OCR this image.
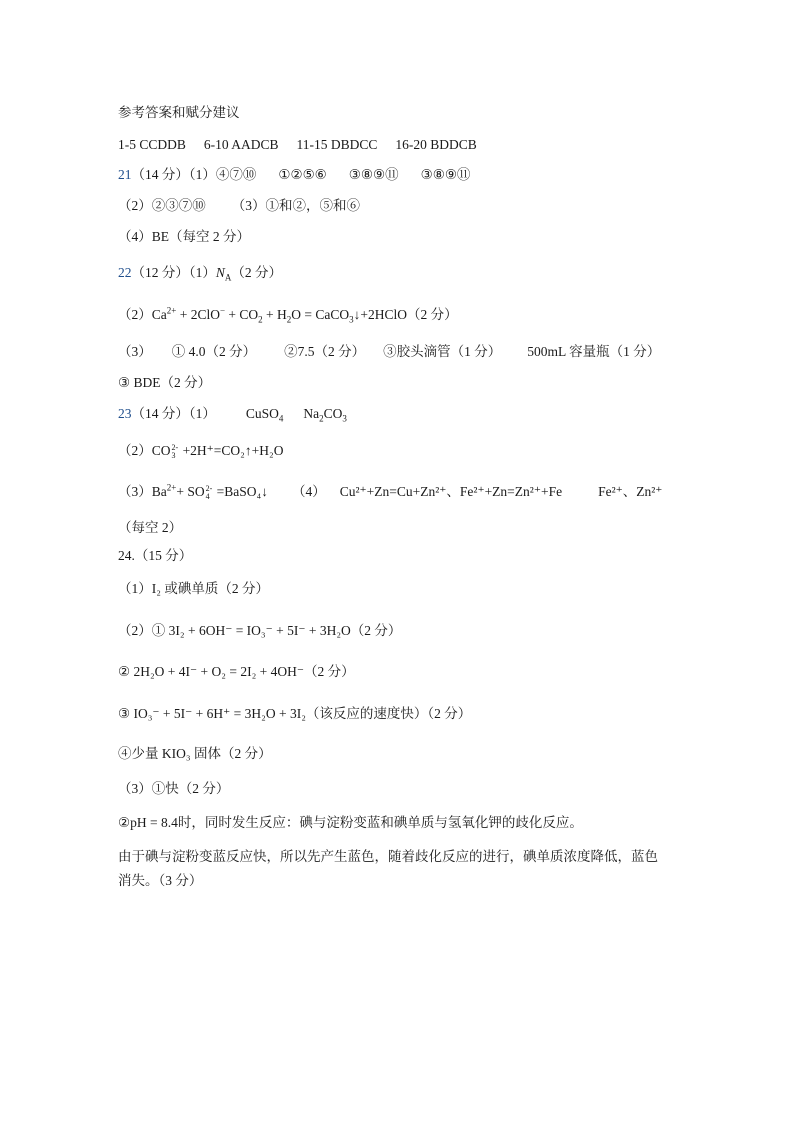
参考答案和赋分建议
1-5 CCDDB 6-10 AADCB 11-15 DBDCC 16-20 BDDCB
21（14 分）（1）④⑦⑩ ①②⑤⑥ ③⑧⑨⑪ ③⑧⑨⑪
（2）②③⑦⑩ （3）①和②，⑤和⑥
（4）BE（每空 2 分）
22（12 分）$(1)N_A(2$ 分）
$(2)Ca^{2+} + 2ClO^- + CO_2 + H_2O$ = CaCO$_3$↓+2HClO（2 分）
（3） ① 4.0（2 分） ②7.5（2 分） ③胶头滴管（1 分） 500mL 容量瓶（1 分）
③ BDE（2 分）
23（14 分）（1） CuSO$_4$ $Na_2CO_3$
（2）CO 2-
3 +2H⁺=CO₂↑+H₂O
$(3)Ba^{2+}+$ SO 2-
4 =BaSO₄↓ （4） Cu²⁺+Zn=Cu+Zn²⁺、Fe²⁺+Zn=Zn²⁺+Fe	Fe²⁺、Zn²⁺
（每空 2）
24.（15 分）
（1）I₂ 或碘单质（2 分）
（2）① 3I₂ + 6OH⁻ = IO₃⁻ + 5I⁻ + 3H₂O（2 分）
② 2H₂O + 4I⁻ + O₂ = 2I₂ + 4OH⁻（2 分）
③ IO₃⁻ + 5I⁻ + 6H⁺ = 3H₂O + 3I₂（该反应的速度快）（2 分）
④少量 KIO₃ 固体（2 分）
（3）①快（2 分）
②pH = 8.4时，同时发生反应：碘与淀粉变蓝和碘单质与氢氧化钾的歧化反应。
由于碘与淀粉变蓝反应快，所以先产生蓝色，随着歧化反应的进行，碘单质浓度降低，蓝色
消失。（3 分）
